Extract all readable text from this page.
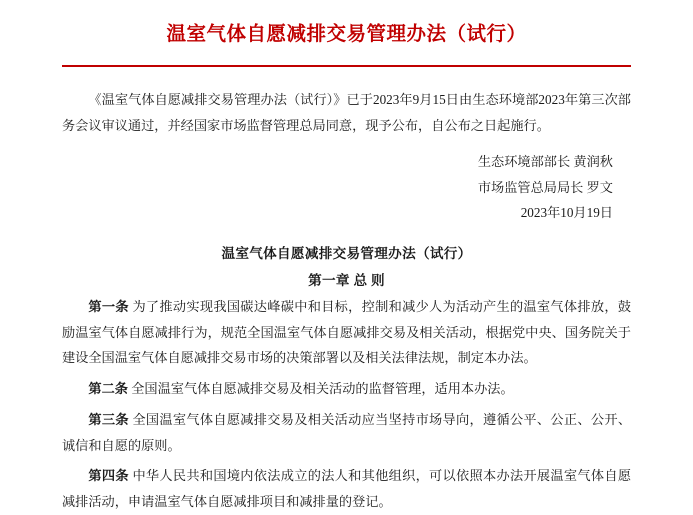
温室气体自愿减排交易管理办法（试行）

《温室气体自愿减排交易管理办法（试行）》已于2023年9月15日由生态环境部2023年第三次部务会议审议通过，并经国家市场监督管理总局同意，现予公布，自公布之日起施行。

生态环境部部长 黄润秋
市场监管总局局长 罗文
2023年10月19日
温室气体自愿减排交易管理办法（试行）
第一章 总 则

第一条 为了推动实现我国碳达峰碳中和目标，控制和减少人为活动产生的温室气体排放，鼓励温室气体自愿减排行为，规范全国温室气体自愿减排交易及相关活动，根据党中央、国务院关于建设全国温室气体自愿减排交易市场的决策部署以及相关法律法规，制定本办法。

第二条 全国温室气体自愿减排交易及相关活动的监督管理，适用本办法。

第三条 全国温室气体自愿减排交易及相关活动应当坚持市场导向，遵循公平、公正、公开、诚信和自愿的原则。

第四条 中华人民共和国境内依法成立的法人和其他组织，可以依照本办法开展温室气体自愿减排活动，申请温室气体自愿减排项目和减排量的登记。
